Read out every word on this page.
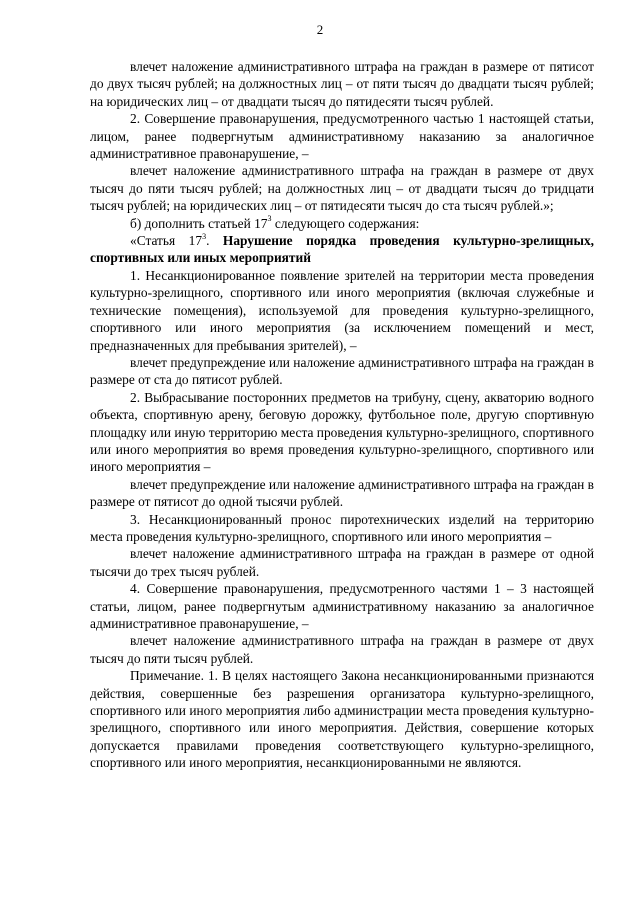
2

влечет наложение административного штрафа на граждан в размере от пятисот до двух тысяч рублей; на должностных лиц – от пяти тысяч до двадцати тысяч рублей; на юридических лиц – от двадцати тысяч до пятидесяти тысяч рублей.

2. Совершение правонарушения, предусмотренного частью 1 настоящей статьи, лицом, ранее подвергнутым административному наказанию за аналогичное административное правонарушение, –

влечет наложение административного штрафа на граждан в размере от двух тысяч до пяти тысяч рублей; на должностных лиц – от двадцати тысяч до тридцати тысяч рублей; на юридических лиц – от пятидесяти тысяч до ста тысяч рублей.»;

б) дополнить статьей $17^3$ следующего содержания:

«Статья $17^3$. Нарушение порядка проведения культурно-зрелищных, спортивных или иных мероприятий

1. Несанкционированное появление зрителей на территории места проведения культурно-зрелищного, спортивного или иного мероприятия (включая служебные и технические помещения), используемой для проведения культурно-зрелищного, спортивного или иного мероприятия (за исключением помещений и мест, предназначенных для пребывания зрителей), –

влечет предупреждение или наложение административного штрафа на граждан в размере от ста до пятисот рублей.

2. Выбрасывание посторонних предметов на трибуну, сцену, акваторию водного объекта, спортивную арену, беговую дорожку, футбольное поле, другую спортивную площадку или иную территорию места проведения культурно-зрелищного, спортивного или иного мероприятия во время проведения культурно-зрелищного, спортивного или иного мероприятия –

влечет предупреждение или наложение административного штрафа на граждан в размере от пятисот до одной тысячи рублей.

3. Несанкционированный пронос пиротехнических изделий на территорию места проведения культурно-зрелищного, спортивного или иного мероприятия –

влечет наложение административного штрафа на граждан в размере от одной тысячи до трех тысяч рублей.

4. Совершение правонарушения, предусмотренного частями 1 – 3 настоящей статьи, лицом, ранее подвергнутым административному наказанию за аналогичное административное правонарушение, –

влечет наложение административного штрафа на граждан в размере от двух тысяч до пяти тысяч рублей.

Примечание. 1. В целях настоящего Закона несанкционированными признаются действия, совершенные без разрешения организатора культурно-зрелищного, спортивного или иного мероприятия либо администрации места проведения культурно-зрелищного, спортивного или иного мероприятия. Действия, совершение которых допускается правилами проведения соответствующего культурно-зрелищного, спортивного или иного мероприятия, несанкционированными не являются.
